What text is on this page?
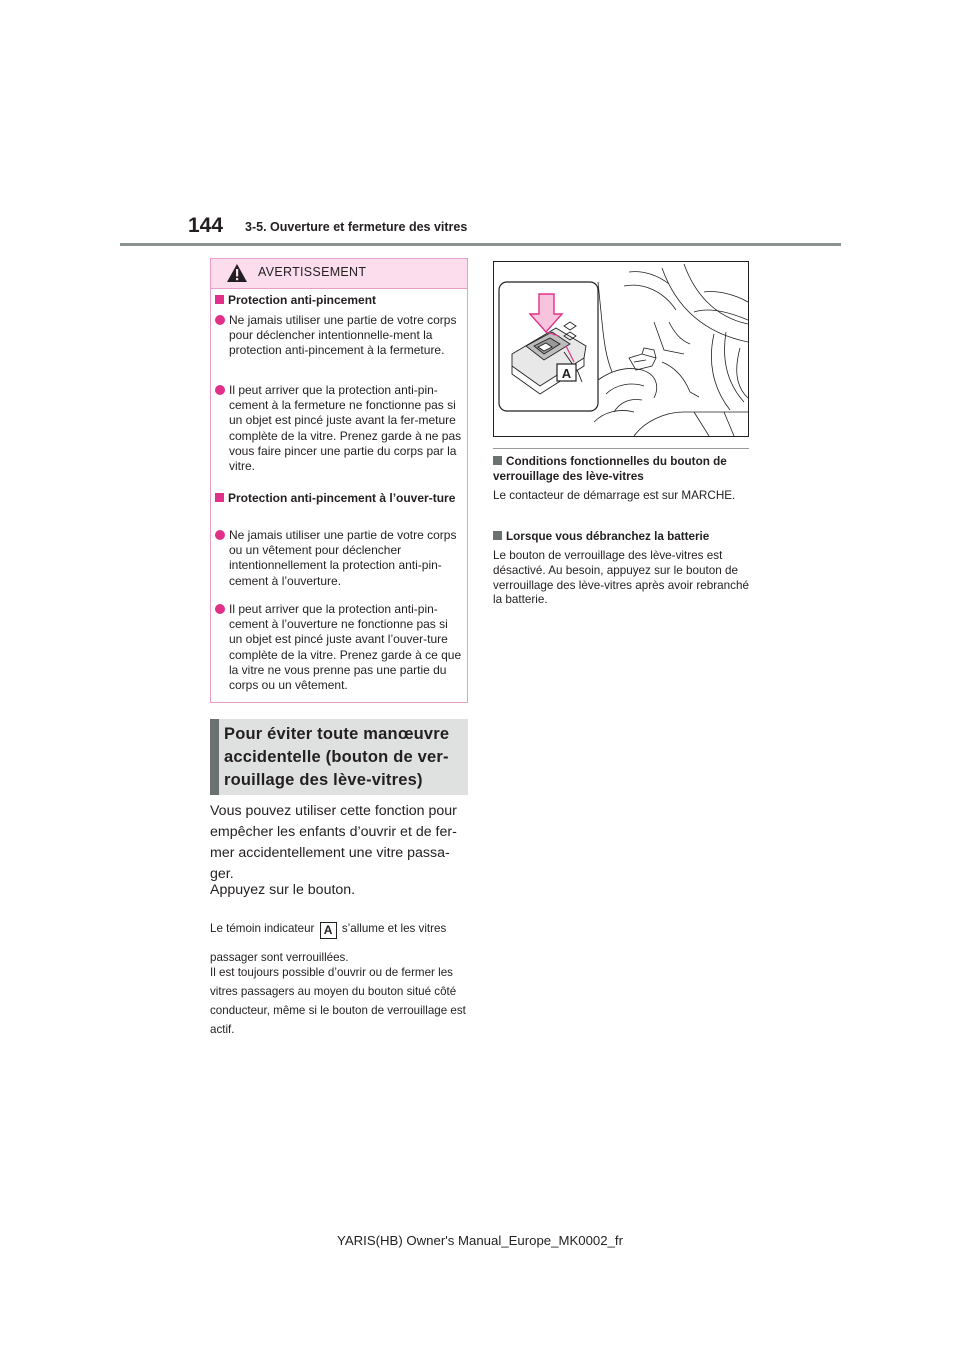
144 3-5. Ouverture et fermeture des vitres
AVERTISSEMENT
Protection anti-pincement
Ne jamais utiliser une partie de votre corps pour déclencher intentionnelle-ment la protection anti-pincement à la fermeture.
Il peut arriver que la protection anti-pin-cement à la fermeture ne fonctionne pas si un objet est pincé juste avant la fer-meture complète de la vitre. Prenez garde à ne pas vous faire pincer une partie du corps par la vitre.
Protection anti-pincement à l’ouver-ture
Ne jamais utiliser une partie de votre corps ou un vêtement pour déclencher intentionnellement la protection anti-pin-cement à l’ouverture.
Il peut arriver que la protection anti-pin-cement à l’ouverture ne fonctionne pas si un objet est pincé juste avant l’ouver-ture complète de la vitre. Prenez garde à ce que la vitre ne vous prenne pas une partie du corps ou un vêtement.
Pour éviter toute manœuvre accidentelle (bouton de ver-rouillage des lève-vitres)
Vous pouvez utiliser cette fonction pour empêcher les enfants d’ouvrir et de fer-mer accidentellement une vitre passa-ger.
Appuyez sur le bouton.
Le témoin indicateur A s’allume et les vitres passager sont verrouillées.
Il est toujours possible d’ouvrir ou de fermer les vitres passagers au moyen du bouton situé côté conducteur, même si le bouton de verrouillage est actif.
A
Conditions fonctionnelles du bouton de verrouillage des lève-vitres
Le contacteur de démarrage est sur MARCHE.
Lorsque vous débranchez la batterie
Le bouton de verrouillage des lève-vitres est désactivé. Au besoin, appuyez sur le bouton de verrouillage des lève-vitres après avoir rebranché la batterie.
YARIS(HB) Owner's Manual_Europe_MK0002_fr
